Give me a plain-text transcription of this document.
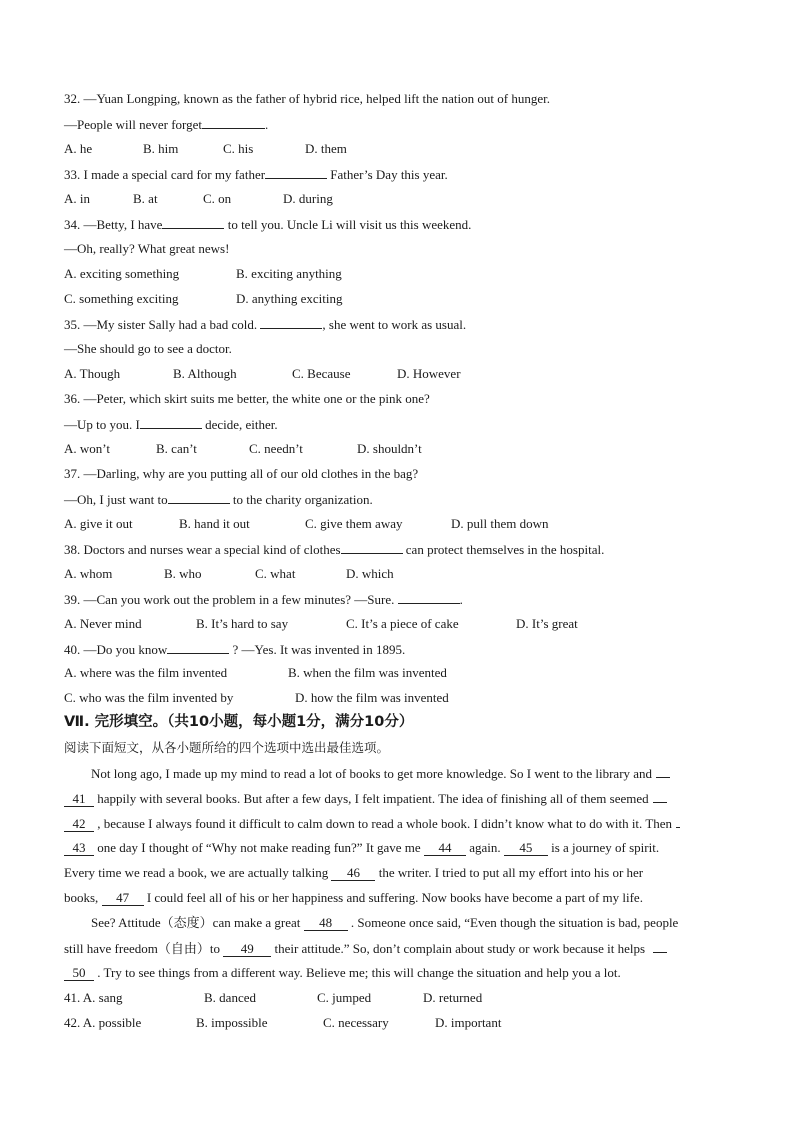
32. —Yuan Longping, known as the father of hybrid rice, helped lift the nation out of hunger.
—People will never forget	.
A. he	B. him	C. his	D. them
33. I made a special card for my father	Father’s Day this year.
A. in	B. at	C. on	D. during
34. —Betty, I have	to tell you. Uncle Li will visit us this weekend.
—Oh, really? What great news!
A. exciting something	B. exciting anything
C. something exciting	D. anything exciting
35. —My sister Sally had a bad cold.	, she went to work as usual.
—She should go to see a doctor.
A. Though	B. Although	C. Because	D. However
36. —Peter, which skirt suits me better, the white one or the pink one?
—Up to you. I	decide, either.
A. won’t	B. can’t	C. needn’t	D. shouldn’t
37. —Darling, why are you putting all of our old clothes in the bag?
—Oh, I just want to	to the charity organization.
A. give it out	B. hand it out	C. give them away	D. pull them down
38. Doctors and nurses wear a special kind of clothes	can protect themselves in the hospital.
A. whom	B. who	C. what	D. which
39. —Can you work out the problem in a few minutes? —Sure.	.
A. Never mind	B. It’s hard to say	C. It’s a piece of cake	D. It’s great
40. —Do you know	? —Yes. It was invented in 1895.
A. where was the film invented	B. when the film was invented
C. who was the film invented by	D. how the film was invented
Ⅶ. 完形填空。（共10小题，每小题1分，满分10分）
阅读下面短文，从各小题所给的四个选项中选出最佳选项。
Not long ago, I made up my mind to read a lot of books to get more knowledge. So I went to the library and
41 happily with several books. But after a few days, I felt impatient. The idea of finishing all of them seemed
42 , because I always found it difficult to calm down to read a whole book. I didn’t know what to do with it. Then
43 one day I thought of “Why not make reading fun?” It gave me 44 again. 45 is a journey of spirit.
Every time we read a book, we are actually talking 46 the writer. I tried to put all my effort into his or her
books, 47 I could feel all of his or her happiness and suffering. Now books have become a part of my life.
See? Attitude（态度）can make a great 48 . Someone once said, “Even though the situation is bad, people
still have freedom（自由）to 49 their attitude.” So, don’t complain about study or work because it helps
50 . Try to see things from a different way. Believe me; this will change the situation and help you a lot.
41. A. sang	B. danced	C. jumped	D. returned
42. A. possible	B. impossible	C. necessary	D. important
